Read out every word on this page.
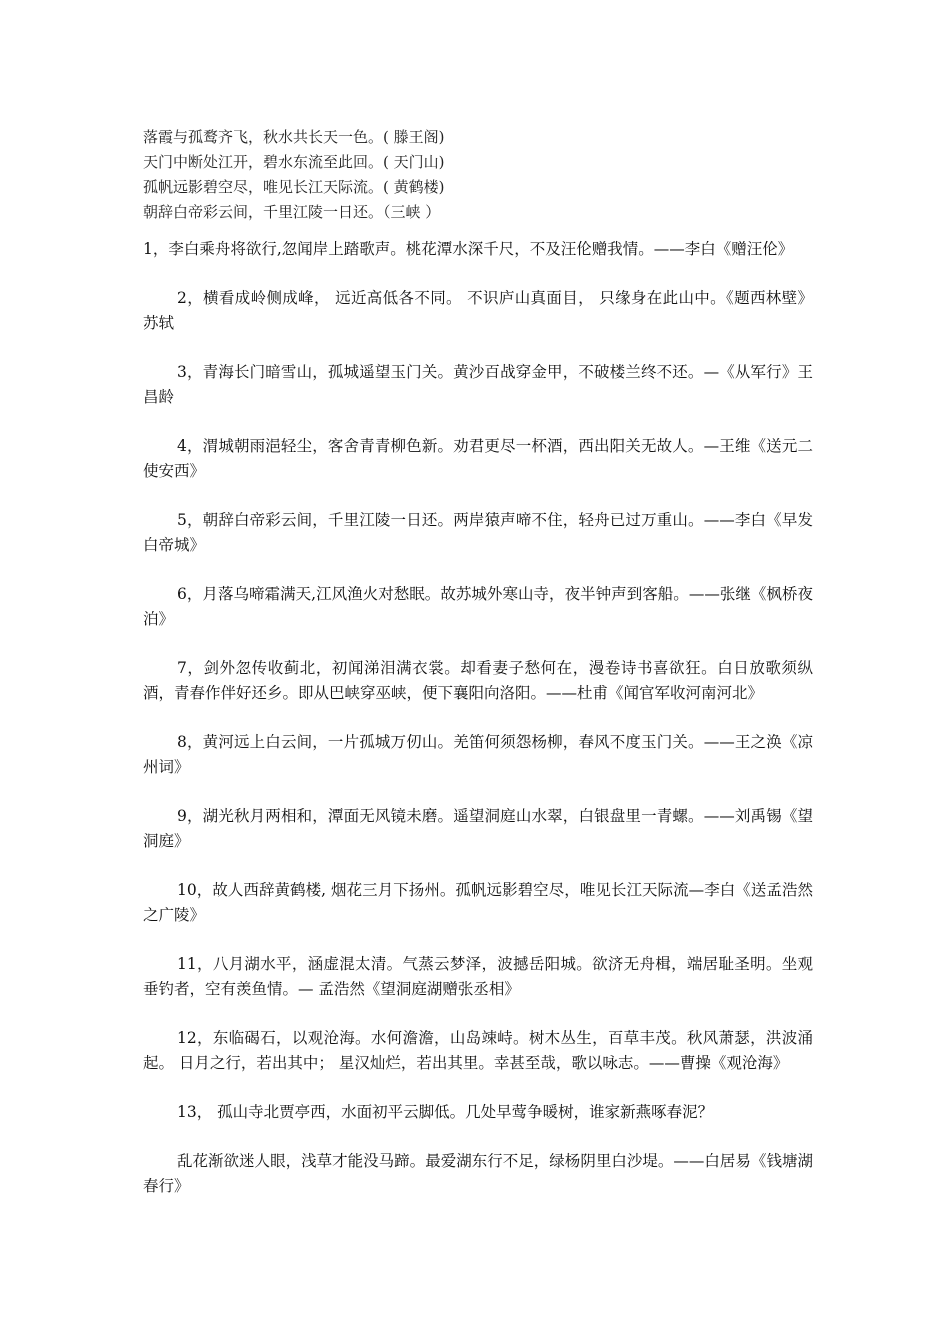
落霞与孤鹜齐飞，秋水共长天一色。( 滕王阁)
天门中断处江开，碧水东流至此回。( 天门山)
孤帆远影碧空尽，唯见长江天际流。( 黄鹤楼)
朝辞白帝彩云间，千里江陵一日还。（三峡 ）

1，李白乘舟将欲行,忽闻岸上踏歌声。桃花潭水深千尺，不及汪伦赠我情。——李白《赠汪伦》

2，横看成岭侧成峰， 远近高低各不同。 不识庐山真面目， 只缘身在此山中。《题西林壁》苏轼

3，青海长门暗雪山，孤城遥望玉门关。黄沙百战穿金甲，不破楼兰终不还。—《从军行》王昌龄

4，渭城朝雨浥轻尘，客舍青青柳色新。劝君更尽一杯酒，西出阳关无故人。—王维《送元二使安西》

5，朝辞白帝彩云间，千里江陵一日还。两岸猿声啼不住，轻舟已过万重山。——李白《早发白帝城》

6，月落乌啼霜满天,江风渔火对愁眠。故苏城外寒山寺，夜半钟声到客船。——张继《枫桥夜泊》

7，剑外忽传收蓟北，初闻涕泪满衣裳。却看妻子愁何在，漫卷诗书喜欲狂。白日放歌须纵酒，青春作伴好还乡。即从巴峡穿巫峡，便下襄阳向洛阳。——杜甫《闻官军收河南河北》

8，黄河远上白云间，一片孤城万仞山。羌笛何须怨杨柳，春风不度玉门关。——王之涣《凉州词》

9，湖光秋月两相和，潭面无风镜未磨。遥望洞庭山水翠，白银盘里一青螺。——刘禹锡《望洞庭》

10，故人西辞黄鹤楼, 烟花三月下扬州。孤帆远影碧空尽，唯见长江天际流—李白《送孟浩然之广陵》

11，八月湖水平，涵虚混太清。气蒸云梦泽，波撼岳阳城。欲济无舟楫，端居耻圣明。坐观垂钓者，空有羡鱼情。— 孟浩然《望洞庭湖赠张丞相》

12，东临碣石，以观沧海。水何澹澹，山岛竦峙。树木丛生，百草丰茂。秋风萧瑟，洪波涌起。 日月之行，若出其中； 星汉灿烂，若出其里。幸甚至哉，歌以咏志。——曹操《观沧海》

13， 孤山寺北贾亭西，水面初平云脚低。几处早莺争暖树，谁家新燕啄春泥？

乱花渐欲迷人眼，浅草才能没马蹄。最爱湖东行不足，绿杨阴里白沙堤。——白居易《钱塘湖春行》
